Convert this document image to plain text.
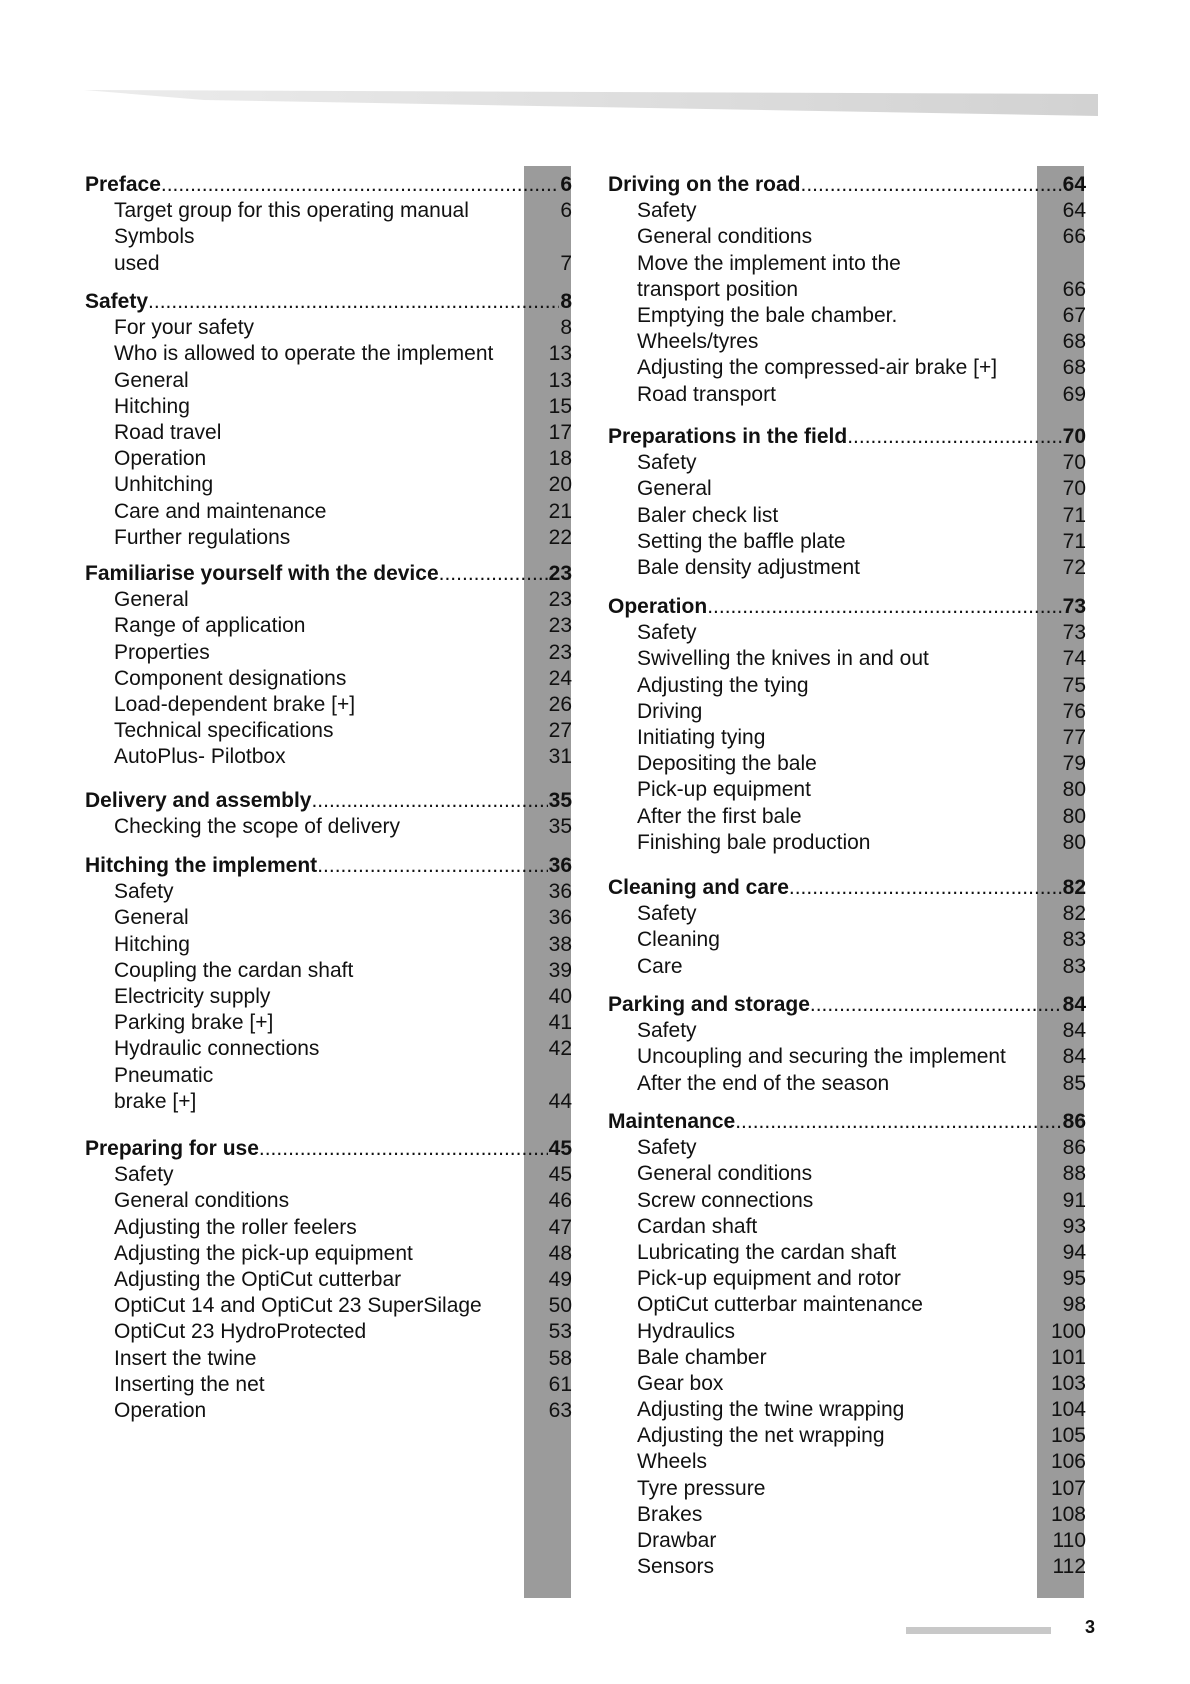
Preface .....	6
Target group for this operating manual	6
Symbols
used	7
Safety .....	8
For your safety	8
Who is allowed to operate the implement	13
General	13
Hitching	15
Road travel	17
Operation	18
Unhitching	20
Care and maintenance	21
Further regulations	22
Familiarise yourself with the device .....	23
General	23
Range of application	23
Properties	23
Component designations	24
Load-dependent brake [+]	26
Technical specifications	27
AutoPlus- Pilotbox	31
Delivery and assembly .....	35
Checking the scope of delivery	35
Hitching the implement .....	36
Safety	36
General	36
Hitching	38
Coupling the cardan shaft	39
Electricity supply	40
Parking brake [+]	41
Hydraulic connections	42
Pneumatic
brake [+]	44
Preparing for use .....	45
Safety	45
General conditions	46
Adjusting the roller feelers	47
Adjusting the pick-up equipment	48
Adjusting the OptiCut cutterbar	49
OptiCut 14 and OptiCut 23 SuperSilage	50
OptiCut 23 HydroProtected	53
Insert the twine	58
Inserting the net	61
Operation	63
Driving on the road .....	64
Safety	64
General conditions	66
Move the implement into the
transport position	66
Emptying the bale chamber.	67
Wheels/tyres	68
Adjusting the compressed-air brake [+]	68
Road transport	69
Preparations in the field .....	70
Safety	70
General	70
Baler check list	71
Setting the baffle plate	71
Bale density adjustment	72
Operation .....	73
Safety	73
Swivelling the knives in and out	74
Adjusting the tying	75
Driving	76
Initiating tying	77
Depositing the bale	79
Pick-up equipment	80
After the first bale	80
Finishing bale production	80
Cleaning and care .....	82
Safety	82
Cleaning	83
Care	83
Parking and storage .....	84
Safety	84
Uncoupling and securing the implement	84
After the end of the season	85
Maintenance .....	86
Safety	86
General conditions	88
Screw connections	91
Cardan shaft	93
Lubricating the cardan shaft	94
Pick-up equipment and rotor	95
OptiCut cutterbar maintenance	98
Hydraulics	100
Bale chamber	101
Gear box	103
Adjusting the twine wrapping	104
Adjusting the net wrapping	105
Wheels	106
Tyre pressure	107
Brakes	108
Drawbar	110
Sensors	112
3
